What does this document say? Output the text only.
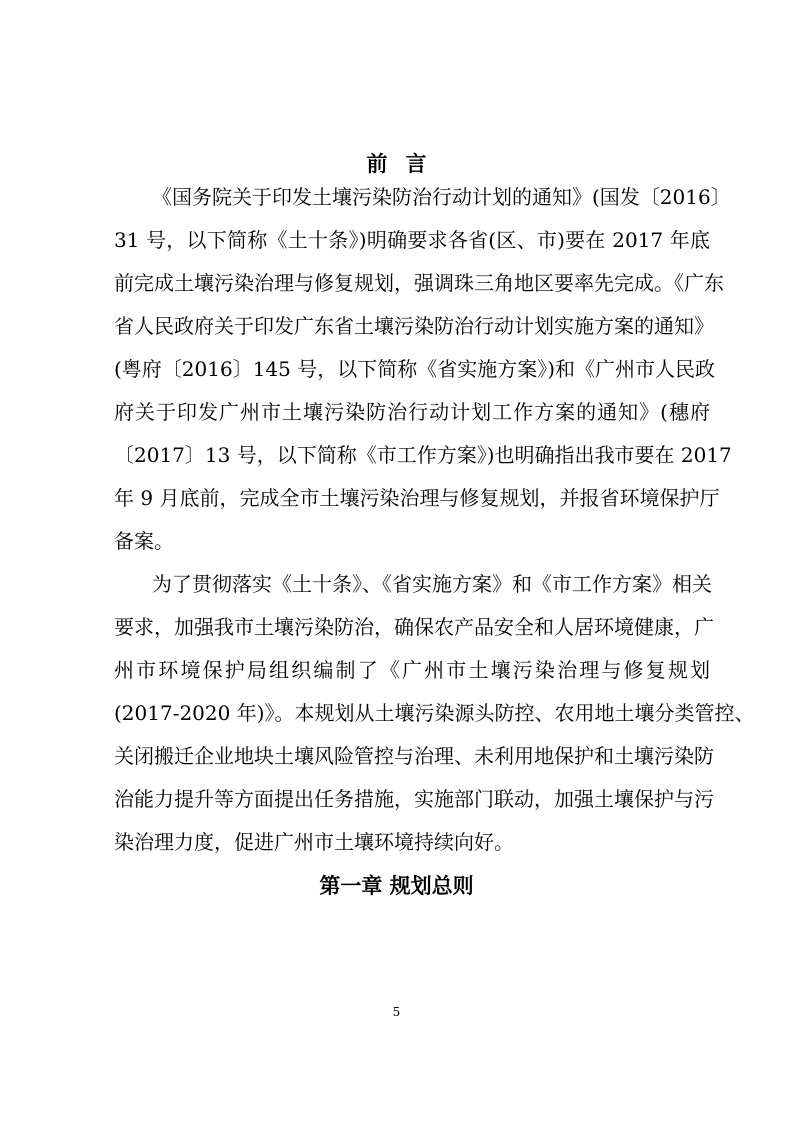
前言

《国务院关于印发土壤污染防治行动计划的通知》(国发〔2016〕

31 号，以下简称《土十条》)明确要求各省(区、市)要在 2017 年底

前完成土壤污染治理与修复规划，强调珠三角地区要率先完成。《广东

省人民政府关于印发广东省土壤污染防治行动计划实施方案的通知》

(粤府〔2016〕145 号，以下简称《省实施方案》)和《广州市人民政

府关于印发广州市土壤污染防治行动计划工作方案的通知》(穗府

〔2017〕13 号，以下简称《市工作方案》)也明确指出我市要在 2017

年 9 月底前，完成全市土壤污染治理与修复规划，并报省环境保护厅

备案。

为了贯彻落实《土十条》、《省实施方案》和《市工作方案》相关

要求，加强我市土壤污染防治，确保农产品安全和人居环境健康，广

州市环境保护局组织编制了《广州市土壤污染治理与修复规划

(2017-2020 年)》。本规划从土壤污染源头防控、农用地土壤分类管控、

关闭搬迁企业地块土壤风险管控与治理、未利用地保护和土壤污染防

治能力提升等方面提出任务措施，实施部门联动，加强土壤保护与污

染治理力度，促进广州市土壤环境持续向好。

第一章 规划总则
5
